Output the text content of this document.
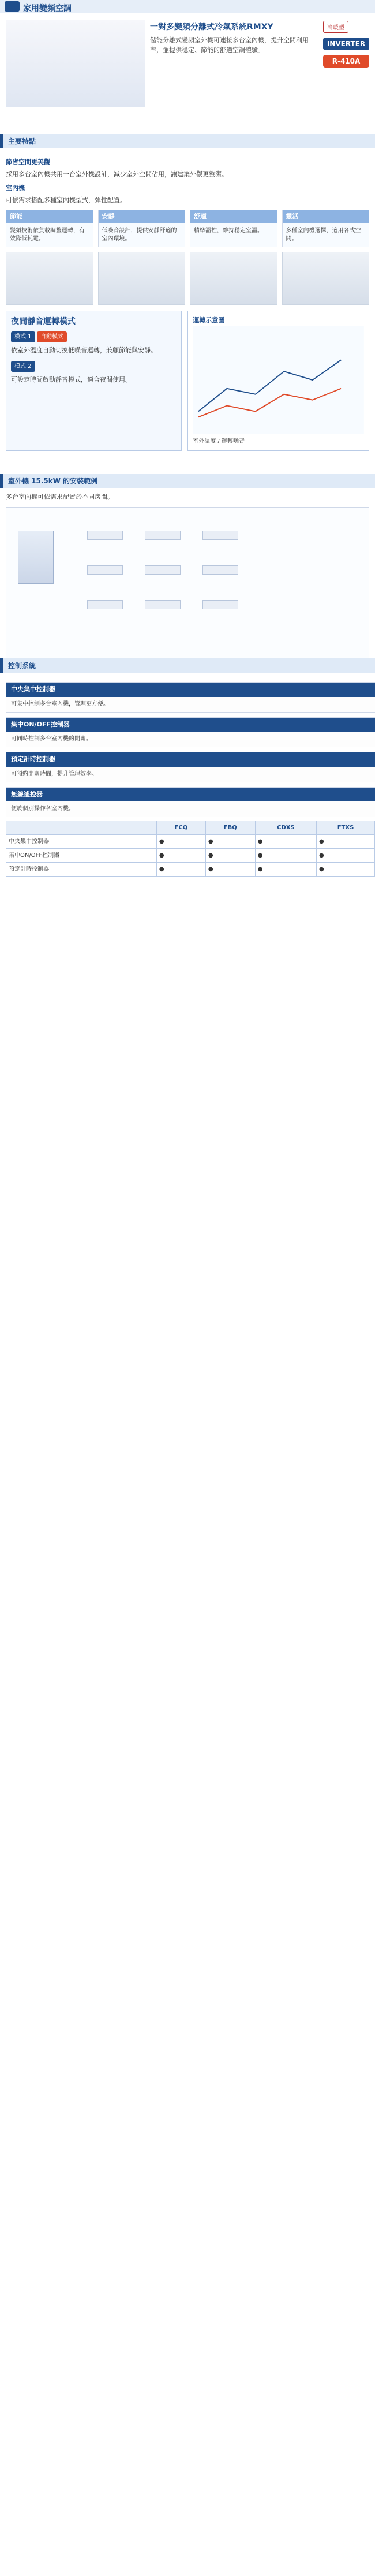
家用變頻空調
一對多變頻分離式冷氣系統RMXY
儲能分離式變頻室外機可連接多台室內機，提升空間利用率，並提供穩定、節能的舒適空調體驗。
冷暖型
INVERTER
R-410A
主要特點
節省空間更美觀
採用多台室內機共用一台室外機設計，減少室外空間佔用，讓建築外觀更整潔。
室內機
可依需求搭配多種室內機型式，彈性配置。
節能
變頻技術依負載調整運轉，有效降低耗電。
安靜
低噪音設計，提供安靜舒適的室內環境。
舒適
精準溫控，維持穩定室溫。
靈活
多種室內機選擇，適用各式空間。
夜間靜音運轉模式
模式 1 自動模式
依室外溫度自動切換低噪音運轉，兼顧節能與安靜。
模式 2
可設定時間啟動靜音模式，適合夜間使用。
運轉示意圖
室外溫度 / 運轉噪音
室外機 15.5kW 的安裝範例
多台室內機可依需求配置於不同房間。
控制系統
中央集中控制器
可集中控制多台室內機，管理更方便。
集中ON/OFF控制器
可同時控制多台室內機的開關。
預定計時控制器
可預約開關時間，提升管理效率。
無線遙控器
便於個別操作各室內機。
	FCQ	FBQ	CDXS	FTXS
中央集中控制器	●	●	●	●
集中ON/OFF控制器	●	●	●	●
預定計時控制器	●	●	●	●
